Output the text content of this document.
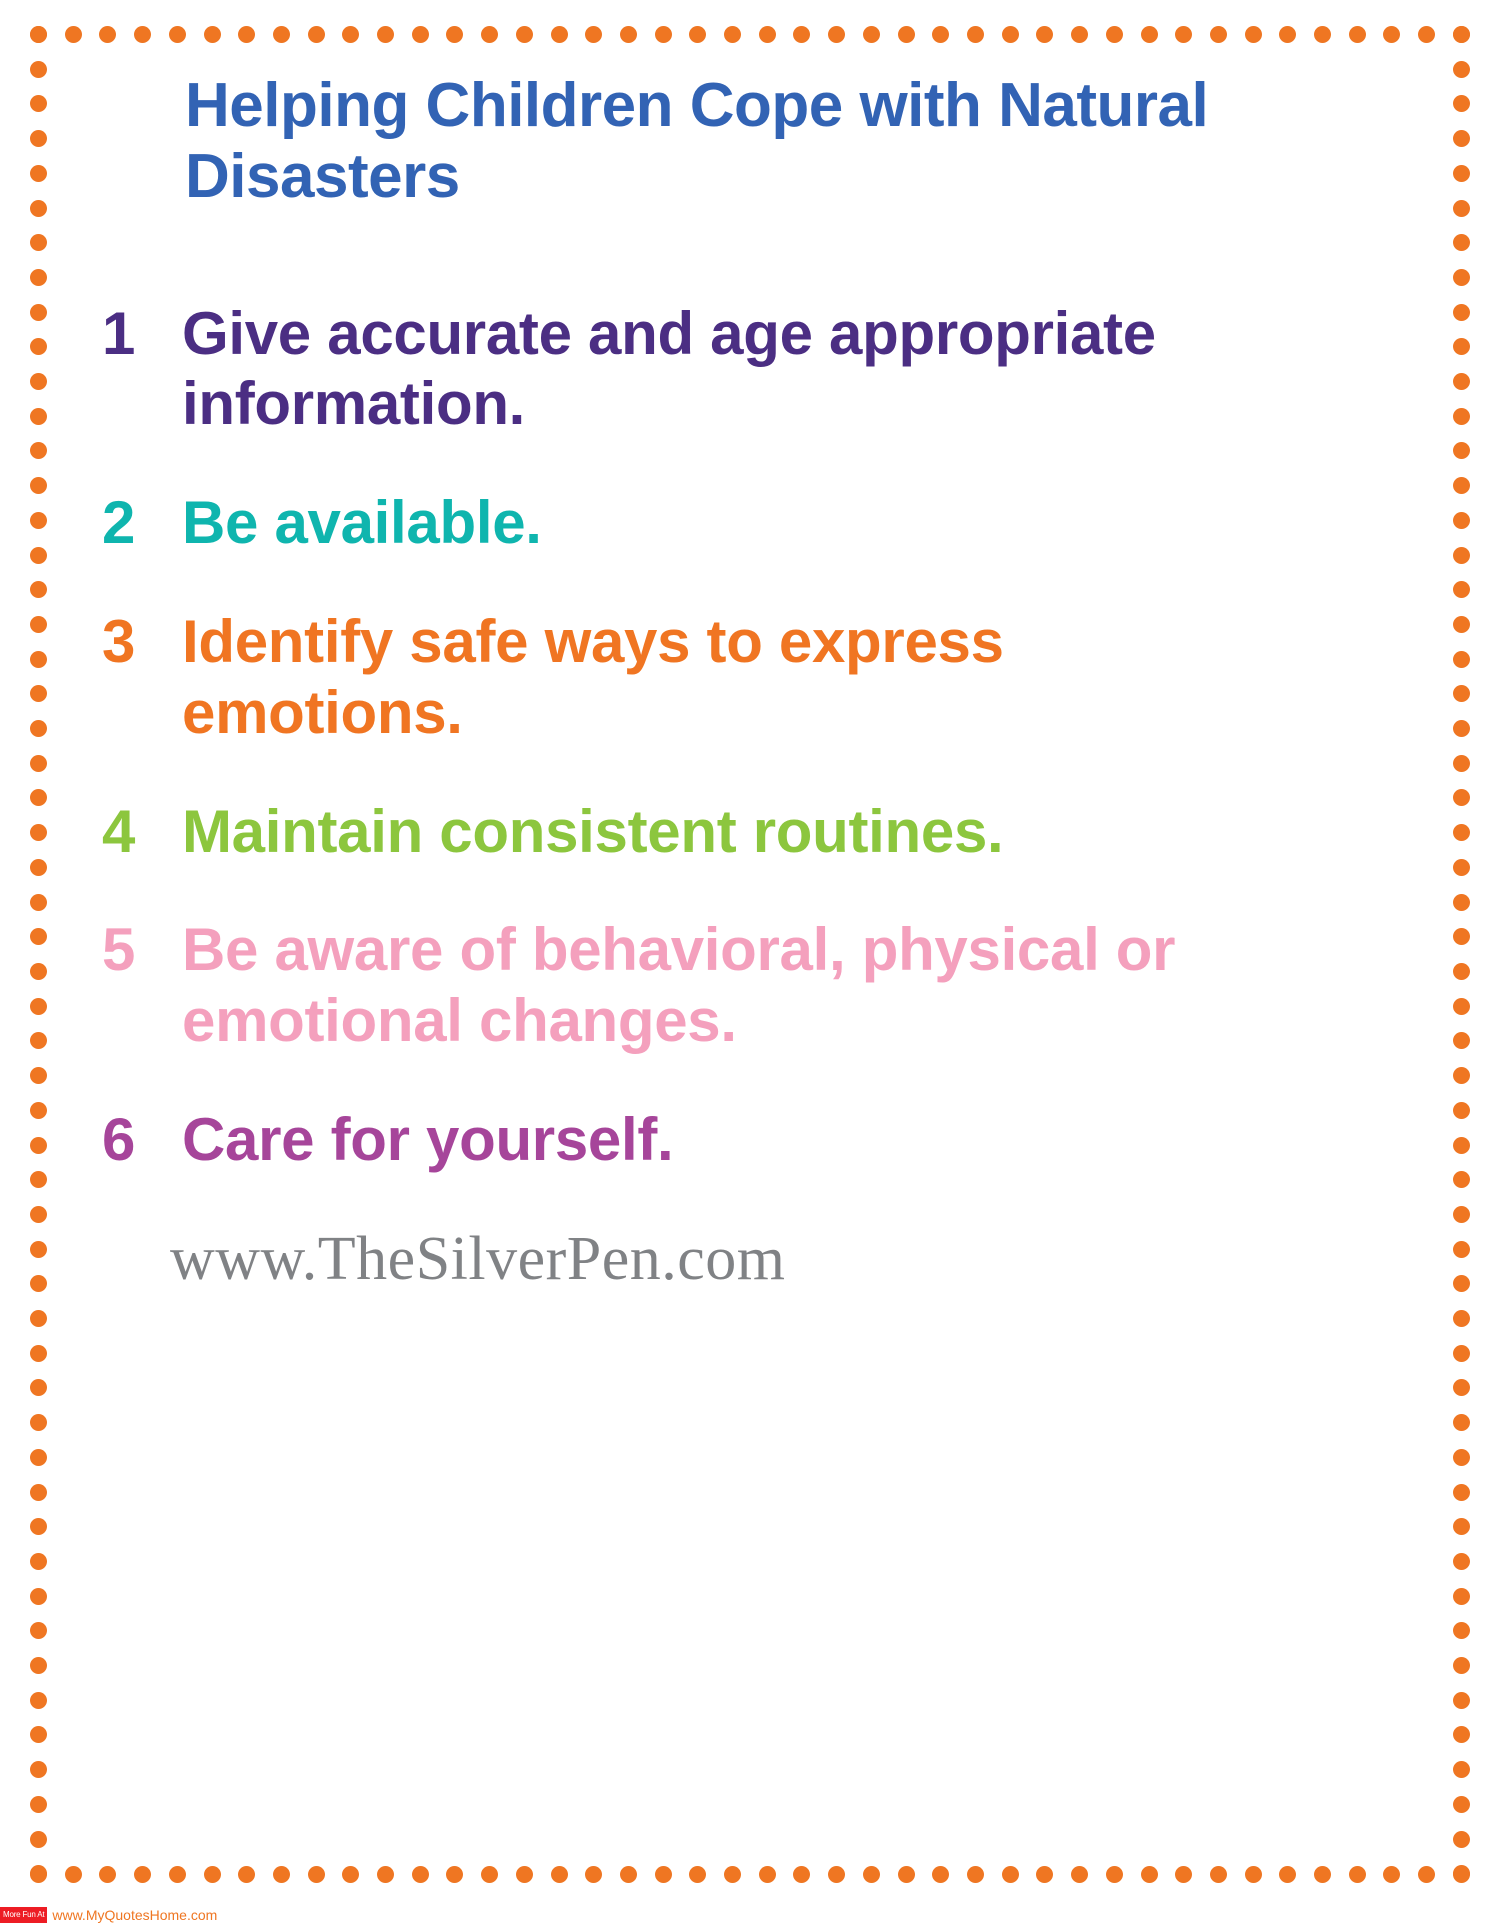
Helping Children Cope with Natural Disasters
1 Give accurate and age appropriate information.
2 Be available.
3 Identify safe ways to express emotions.
4 Maintain consistent routines.
5 Be aware of behavioral, physical or emotional changes.
6 Care for yourself.
www.TheSilverPen.com
More Fun At www.MyQuotesHome.com
